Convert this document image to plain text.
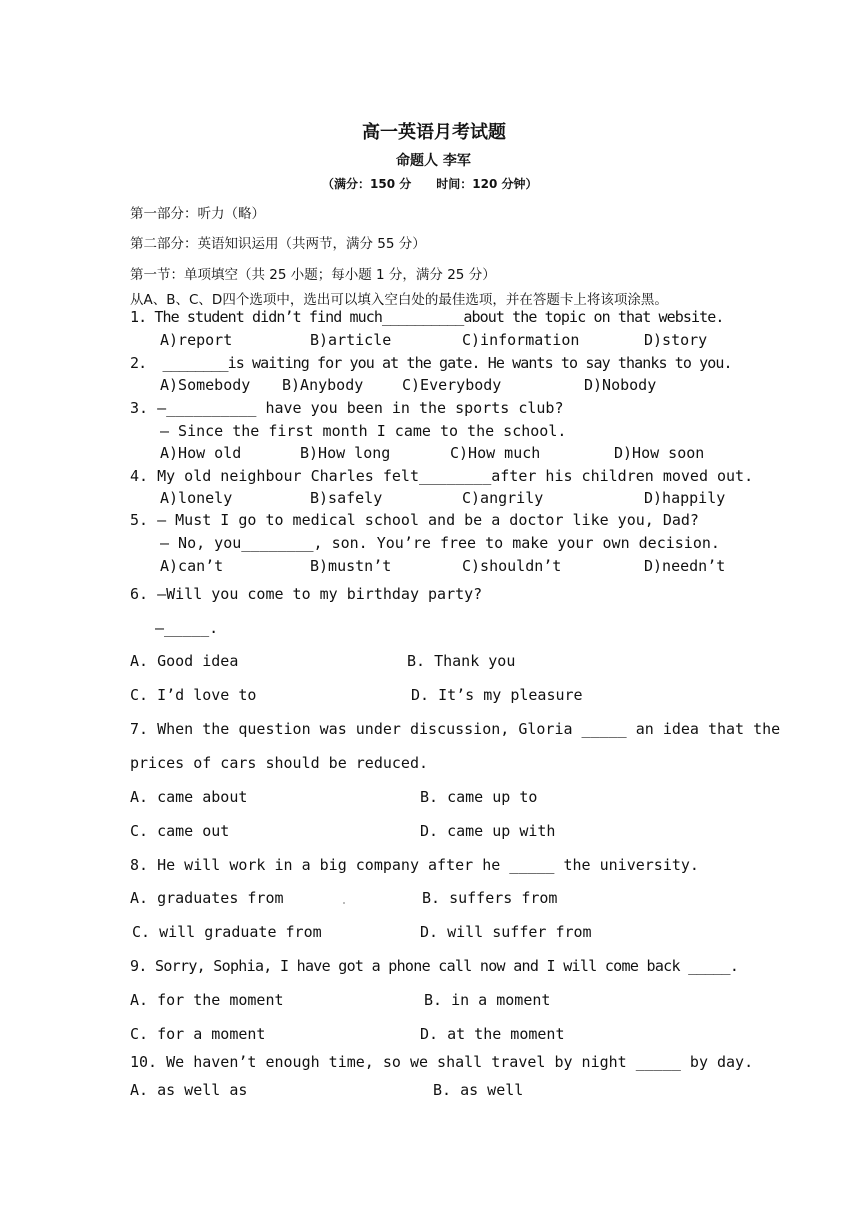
高一英语月考试题
命题人 李军
（满分：150 分      时间：120 分钟）
第一部分：听力（略）
第二部分：英语知识运用（共两节，满分 55 分）
第一节：单项填空（共 25 小题；每小题 1 分，满分 25 分）
从A、B、C、D四个选项中，选出可以填入空白处的最佳选项，并在答题卡上将该项涂黑。
1. The student didn’t find much__________about the topic on that website.
A)report	B)article	C)information	D)story
2.  ________is waiting for you at the gate. He wants to say thanks to you.
A)Somebody B)Anybody	C)Everybody	D)Nobody
3. —__________ have you been in the sports club?
— Since the first month I came to the school.
A)How old	B)How long	C)How much	D)How soon
4. My old neighbour Charles felt________after his children moved out.
A)lonely	B)safely	C)angrily	D)happily
5. — Must I go to medical school and be a doctor like you, Dad?
— No, you________, son. You’re free to make your own decision.
A)can’t	B)mustn’t	C)shouldn’t	D)needn’t
6. —Will you come to my birthday party?
—_____.
A. Good idea	B. Thank you
C. I’d love to	D. It’s my pleasure
7. When the question was under discussion, Gloria _____ an idea that the
prices of cars should be reduced.
A. came about	B. came up to
C. came out	D. came up with
8. He will work in a big company after he _____ the university.
A. graduates from	B. suffers from
C. will graduate from	D. will suffer from
9. Sorry, Sophia, I have got a phone call now and I will come back _____.
A. for the moment	B. in a moment
C. for a moment	D. at the moment
10. We haven’t enough time, so we shall travel by night _____ by day.
A. as well as	B. as well
